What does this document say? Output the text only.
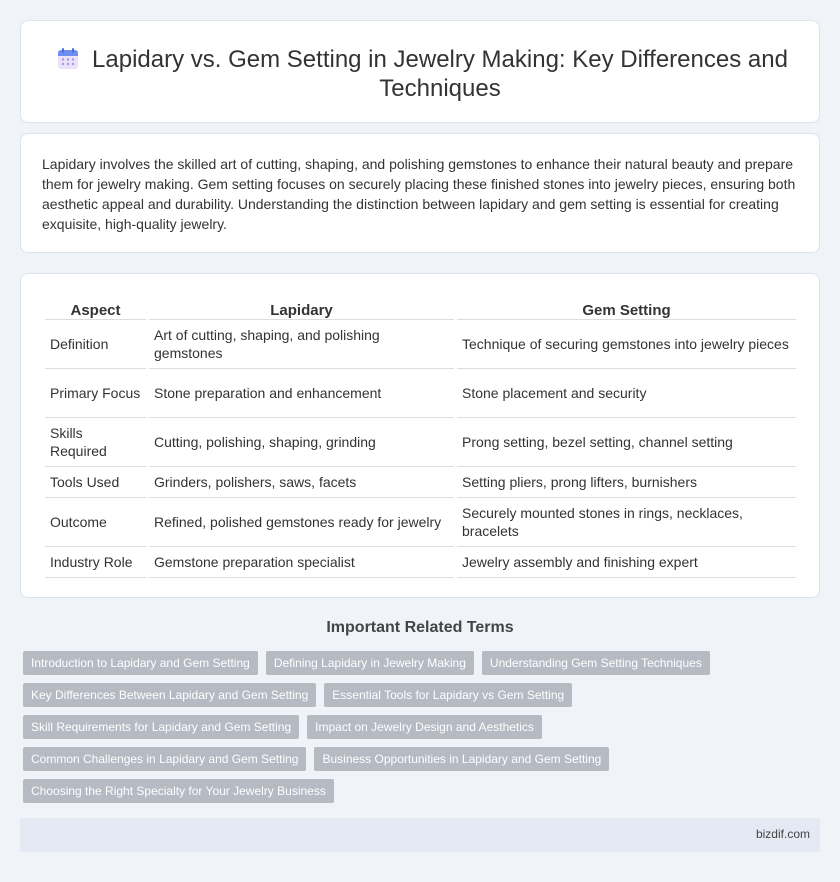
Lapidary vs. Gem Setting in Jewelry Making: Key Differences and Techniques

Lapidary involves the skilled art of cutting, shaping, and polishing gemstones to enhance their natural beauty and prepare them for jewelry making. Gem setting focuses on securely placing these finished stones into jewelry pieces, ensuring both aesthetic appeal and durability. Understanding the distinction between lapidary and gem setting is essential for creating exquisite, high-quality jewelry.

Aspect	Lapidary	Gem Setting
Definition	Art of cutting, shaping, and polishing gemstones	Technique of securing gemstones into jewelry pieces
Primary Focus	Stone preparation and enhancement	Stone placement and security
Skills Required	Cutting, polishing, shaping, grinding	Prong setting, bezel setting, channel setting
Tools Used	Grinders, polishers, saws, facets	Setting pliers, prong lifters, burnishers
Outcome	Refined, polished gemstones ready for jewelry	Securely mounted stones in rings, necklaces, bracelets
Industry Role	Gemstone preparation specialist	Jewelry assembly and finishing expert
Important Related Terms
Introduction to Lapidary and Gem Setting	Defining Lapidary in Jewelry Making	Understanding Gem Setting Techniques
Key Differences Between Lapidary and Gem Setting	Essential Tools for Lapidary vs Gem Setting
Skill Requirements for Lapidary and Gem Setting	Impact on Jewelry Design and Aesthetics
Common Challenges in Lapidary and Gem Setting	Business Opportunities in Lapidary and Gem Setting
Choosing the Right Specialty for Your Jewelry Business
bizdif.com
